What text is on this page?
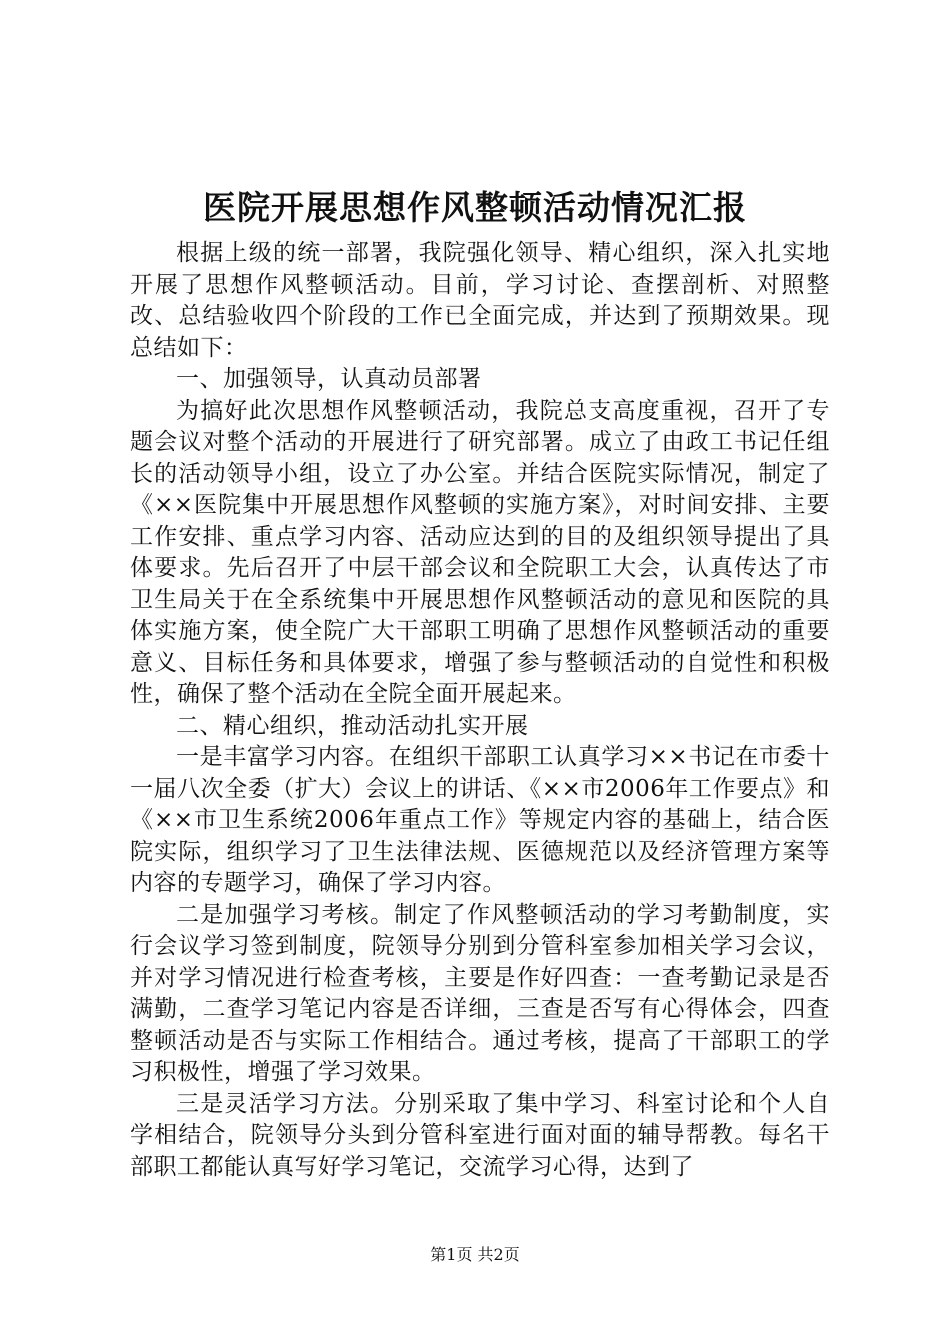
医院开展思想作风整顿活动情况汇报

根据上级的统一部署，我院强化领导、精心组织，深入扎实地开展了思想作风整顿活动。目前，学习讨论、查摆剖析、对照整改、总结验收四个阶段的工作已全面完成，并达到了预期效果。现总结如下：

一、加强领导，认真动员部署

为搞好此次思想作风整顿活动，我院总支高度重视，召开了专题会议对整个活动的开展进行了研究部署。成立了由政工书记任组长的活动领导小组，设立了办公室。并结合医院实际情况，制定了《××医院集中开展思想作风整顿的实施方案》，对时间安排、主要工作安排、重点学习内容、活动应达到的目的及组织领导提出了具体要求。先后召开了中层干部会议和全院职工大会，认真传达了市卫生局关于在全系统集中开展思想作风整顿活动的意见和医院的具体实施方案，使全院广大干部职工明确了思想作风整顿活动的重要意义、目标任务和具体要求，增强了参与整顿活动的自觉性和积极性，确保了整个活动在全院全面开展起来。

二、精心组织，推动活动扎实开展

一是丰富学习内容。在组织干部职工认真学习××书记在市委十一届八次全委（扩大）会议上的讲话、《××市2006年工作要点》和《××市卫生系统2006年重点工作》等规定内容的基础上，结合医院实际，组织学习了卫生法律法规、医德规范以及经济管理方案等内容的专题学习，确保了学习内容。

二是加强学习考核。制定了作风整顿活动的学习考勤制度，实行会议学习签到制度，院领导分别到分管科室参加相关学习会议，并对学习情况进行检查考核，主要是作好四查：一查考勤记录是否满勤，二查学习笔记内容是否详细，三查是否写有心得体会，四查整顿活动是否与实际工作相结合。通过考核，提高了干部职工的学习积极性，增强了学习效果。

三是灵活学习方法。分别采取了集中学习、科室讨论和个人自学相结合，院领导分头到分管科室进行面对面的辅导帮教。每名干部职工都能认真写好学习笔记，交流学习心得，达到了

第1页 共2页
